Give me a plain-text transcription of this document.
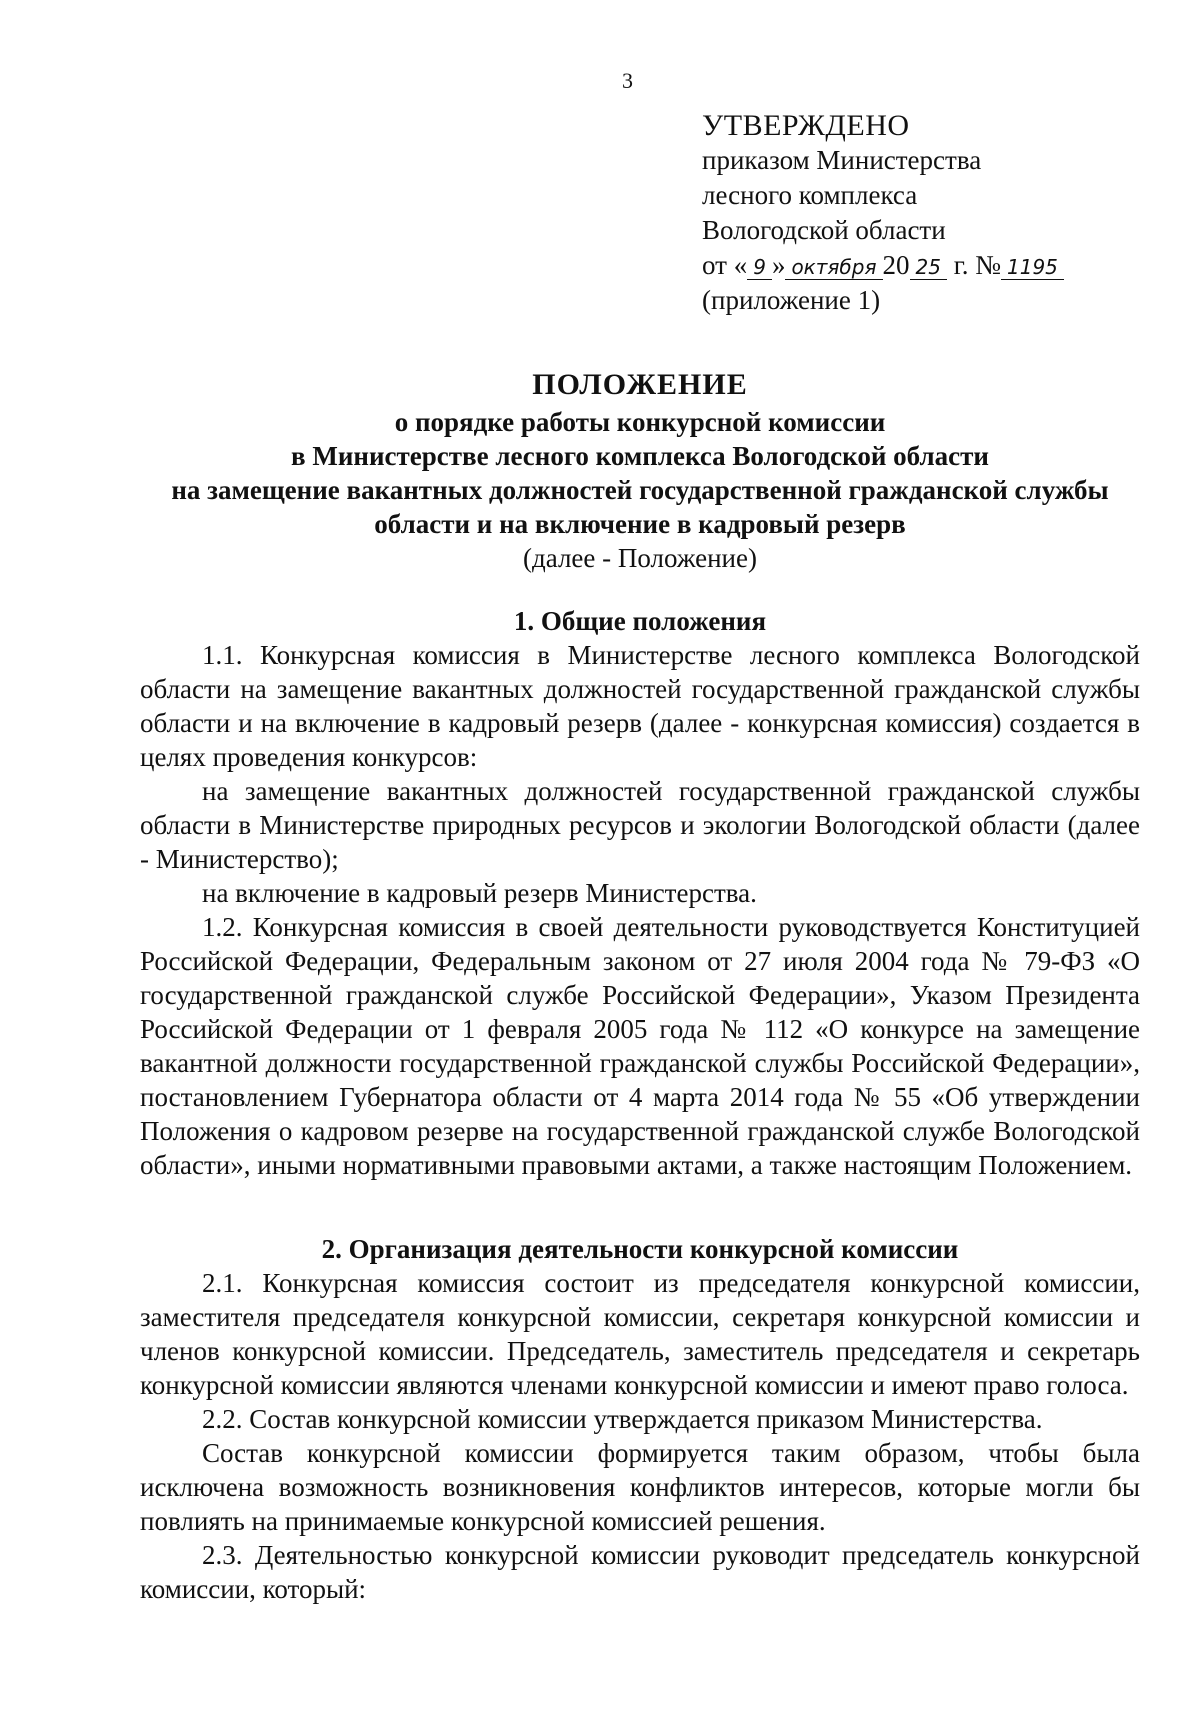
3
УТВЕРЖДЕНО
приказом Министерства
лесного комплекса
Вологодской области
от « 9 » октября 20 25 г. № 1195
(приложение 1)
ПОЛОЖЕНИЕ
о порядке работы конкурсной комиссии
в Министерстве лесного комплекса Вологодской области
на замещение вакантных должностей государственной гражданской службы
области и на включение в кадровый резерв
(далее - Положение)
1. Общие положения

1.1. Конкурсная комиссия в Министерстве лесного комплекса Вологодской области на замещение вакантных должностей государственной гражданской службы области и на включение в кадровый резерв (далее - конкурсная комиссия) создается в целях проведения конкурсов:

на замещение вакантных должностей государственной гражданской службы области в Министерстве природных ресурсов и экологии Вологодской области (далее - Министерство);

на включение в кадровый резерв Министерства.

1.2. Конкурсная комиссия в своей деятельности руководствуется Конституцией Российской Федерации, Федеральным законом от 27 июля 2004 года № 79-ФЗ «О государственной гражданской службе Российской Федерации», Указом Президента Российской Федерации от 1 февраля 2005 года № 112 «О конкурсе на замещение вакантной должности государственной гражданской службы Российской Федерации», постановлением Губернатора области от 4 марта 2014 года № 55 «Об утверждении Положения о кадровом резерве на государственной гражданской службе Вологодской области», иными нормативными правовыми актами, а также настоящим Положением.

2. Организация деятельности конкурсной комиссии

2.1. Конкурсная комиссия состоит из председателя конкурсной комиссии, заместителя председателя конкурсной комиссии, секретаря конкурсной комиссии и членов конкурсной комиссии. Председатель, заместитель председателя и секретарь конкурсной комиссии являются членами конкурсной комиссии и имеют право голоса.

2.2. Состав конкурсной комиссии утверждается приказом Министерства.

Состав конкурсной комиссии формируется таким образом, чтобы была исключена возможность возникновения конфликтов интересов, которые могли бы повлиять на принимаемые конкурсной комиссией решения.

2.3. Деятельностью конкурсной комиссии руководит председатель конкурсной комиссии, который:
